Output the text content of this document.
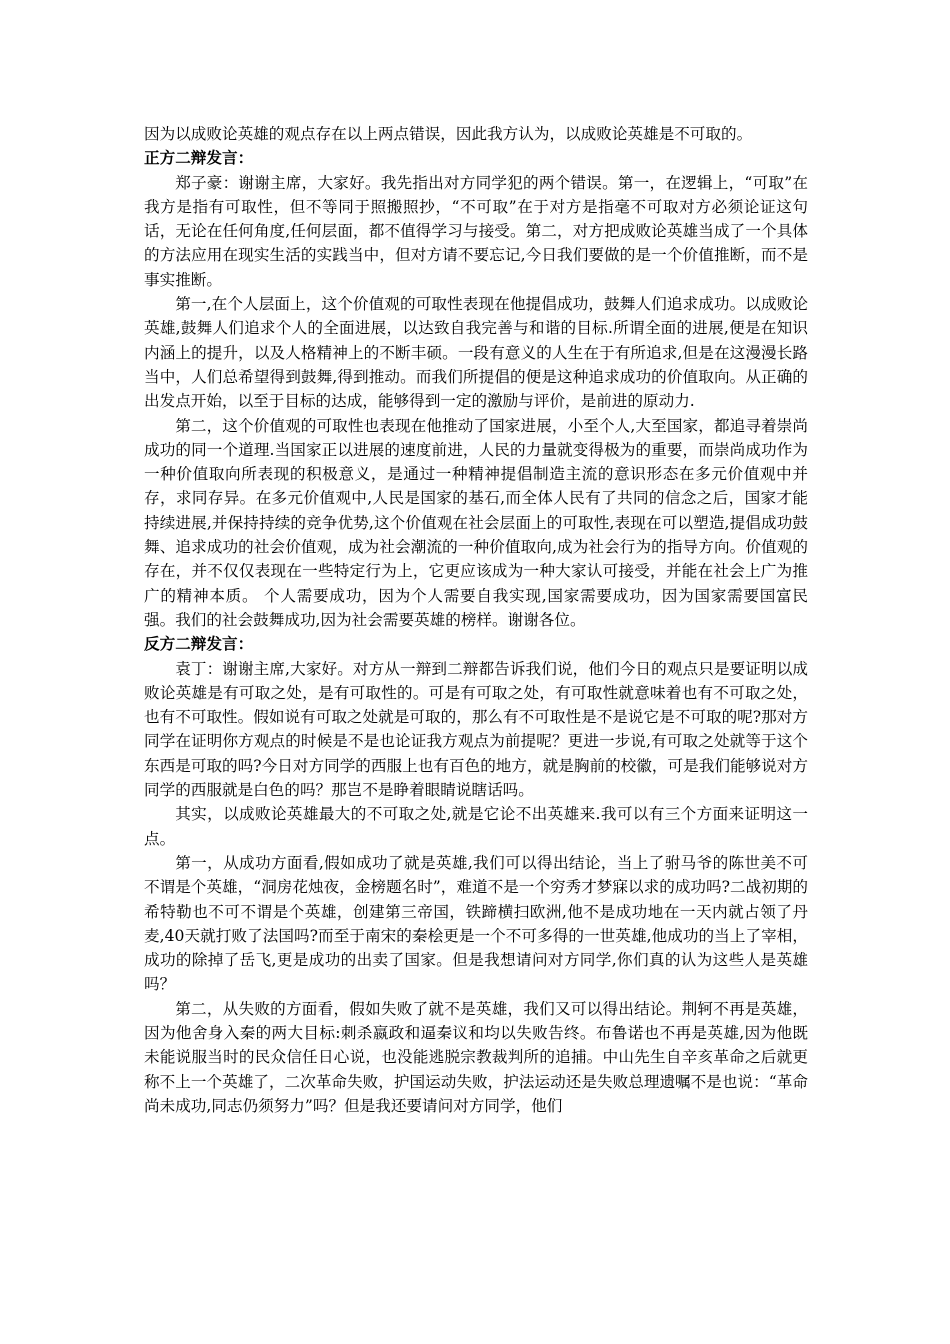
因为以成败论英雄的观点存在以上两点错误，因此我方认为，以成败论英雄是不可取的。

正方二辩发言：

郑子豪：谢谢主席，大家好。我先指出对方同学犯的两个错误。第一，在逻辑上，“可取”在我方是指有可取性，但不等同于照搬照抄，“不可取”在于对方是指毫不可取对方必须论证这句话，无论在任何角度,任何层面，都不值得学习与接受。第二，对方把成败论英雄当成了一个具体的方法应用在现实生活的实践当中，但对方请不要忘记,今日我们要做的是一个价值推断，而不是事实推断。

第一,在个人层面上，这个价值观的可取性表现在他提倡成功，鼓舞人们追求成功。以成败论英雄,鼓舞人们追求个人的全面进展，以达致自我完善与和谐的目标.所谓全面的进展,便是在知识内涵上的提升，以及人格精神上的不断丰硕。一段有意义的人生在于有所追求,但是在这漫漫长路当中，人们总希望得到鼓舞,得到推动。而我们所提倡的便是这种追求成功的价值取向。从正确的出发点开始，以至于目标的达成，能够得到一定的激励与评价，是前进的原动力.

第二，这个价值观的可取性也表现在他推动了国家进展，小至个人,大至国家，都追寻着崇尚成功的同一个道理.当国家正以进展的速度前进，人民的力量就变得极为的重要，而崇尚成功作为一种价值取向所表现的积极意义，是通过一种精神提倡制造主流的意识形态在多元价值观中并存，求同存异。在多元价值观中,人民是国家的基石,而全体人民有了共同的信念之后，国家才能持续进展,并保持持续的竞争优势,这个价值观在社会层面上的可取性,表现在可以塑造,提倡成功鼓舞、追求成功的社会价值观，成为社会潮流的一种价值取向,成为社会行为的指导方向。价值观的存在，并不仅仅表现在一些特定行为上，它更应该成为一种大家认可接受，并能在社会上广为推广的精神本质。 个人需要成功，因为个人需要自我实现,国家需要成功，因为国家需要国富民强。我们的社会鼓舞成功,因为社会需要英雄的榜样。谢谢各位。

反方二辩发言：

袁丁：谢谢主席,大家好。对方从一辩到二辩都告诉我们说，他们今日的观点只是要证明以成败论英雄是有可取之处，是有可取性的。可是有可取之处，有可取性就意味着也有不可取之处，也有不可取性。假如说有可取之处就是可取的，那么有不可取性是不是说它是不可取的呢?那对方同学在证明你方观点的时候是不是也论证我方观点为前提呢？更进一步说,有可取之处就等于这个东西是可取的吗?今日对方同学的西服上也有百色的地方，就是胸前的校徽，可是我们能够说对方同学的西服就是白色的吗？那岂不是睁着眼睛说瞎话吗。

其实，以成败论英雄最大的不可取之处,就是它论不出英雄来.我可以有三个方面来证明这一点。

第一，从成功方面看,假如成功了就是英雄,我们可以得出结论，当上了驸马爷的陈世美不可不谓是个英雄，“洞房花烛夜，金榜题名时”，难道不是一个穷秀才梦寐以求的成功吗?二战初期的希特勒也不可不谓是个英雄，创建第三帝国，铁蹄横扫欧洲,他不是成功地在一天内就占领了丹麦,40天就打败了法国吗?而至于南宋的秦桧更是一个不可多得的一世英雄,他成功的当上了宰相，成功的除掉了岳飞,更是成功的出卖了国家。但是我想请问对方同学,你们真的认为这些人是英雄吗？

第二，从失败的方面看，假如失败了就不是英雄，我们又可以得出结论。荆轲不再是英雄，因为他舍身入秦的两大目标:刺杀嬴政和逼秦议和均以失败告终。布鲁诺也不再是英雄,因为他既未能说服当时的民众信任日心说，也没能逃脱宗教裁判所的追捕。中山先生自辛亥革命之后就更称不上一个英雄了，二次革命失败，护国运动失败，护法运动还是失败总理遗嘱不是也说：“革命尚未成功,同志仍须努力”吗？但是我还要请问对方同学，他们
